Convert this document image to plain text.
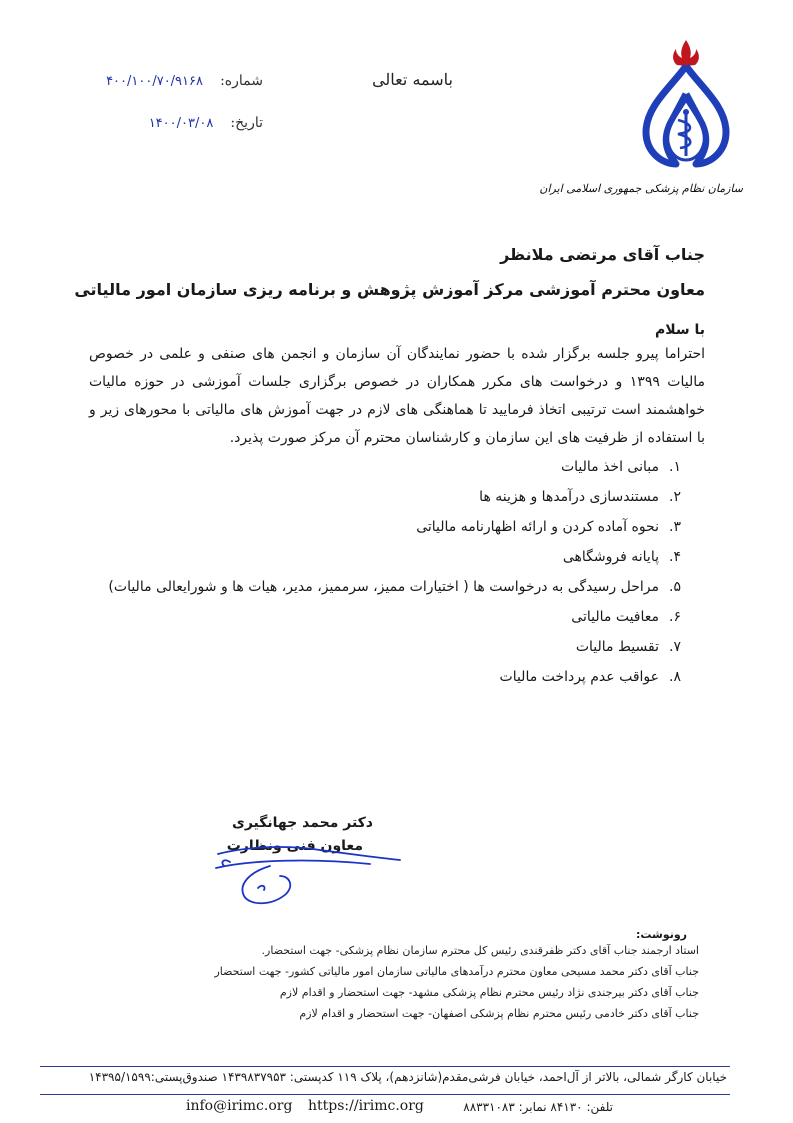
باسمه تعالی
شماره: ۴۰۰/۱۰۰/۷۰/۹۱۶۸
تاریخ: ۱۴۰۰/۰۳/۰۸
سازمان نظام پزشکی جمهوری اسلامی ایران
جناب آقای مرتضی ملانظر
معاون محترم آموزشی مرکز آموزش پژوهش و برنامه ریزی سازمان امور مالیاتی
با سلام
احتراما پیرو جلسه برگزار شده با حضور نمایندگان آن سازمان و انجمن های صنفی و علمی در خصوص مالیات ۱۳۹۹ و درخواست های مکرر همکاران در خصوص برگزاری جلسات آموزشی در حوزه مالیات خواهشمند است ترتیبی اتخاذ فرمایید تا هماهنگی های لازم در جهت آموزش های مالیاتی با محورهای زیر و با استفاده از ظرفیت های این سازمان و کارشناسان محترم آن مرکز صورت پذیرد.
۱.مبانی اخذ مالیات
۲.مستندسازی درآمدها و هزینه ها
۳.نحوه آماده کردن و ارائه اظهارنامه مالیاتی
۴.پایانه فروشگاهی
۵.مراحل رسیدگی به درخواست ها ( اختیارات ممیز، سرممیز، مدیر، هیات ها و شورایعالی مالیات)
۶.معافیت مالیاتی
۷.تقسیط مالیات
۸.عواقب عدم پرداخت مالیات
دکتر محمد جهانگیری
معاون فنی ونظارت
رونوشت:
استاد ارجمند جناب آقای دکتر ظفرقندی رئیس کل محترم سازمان نظام پزشکی- جهت استحضار.
جناب آقای دکتر محمد مسیحی معاون محترم درآمدهای مالیاتی سازمان امور مالیاتی کشور- جهت استحضار
جناب آقای دکتر بیرجندی نژاد رئیس محترم نظام پزشکی مشهد- جهت استحضار و اقدام لازم
جناب آقای دکتر خادمی رئیس محترم نظام پزشکی اصفهان- جهت استحضار و اقدام لازم
خیابان کارگر شمالی، بالاتر از آل‌احمد، خیابان فرشی‌مقدم(شانزدهم)، پلاک ۱۱۹ کدپستی: ۱۴۳۹۸۳۷۹۵۳ صندوق‌پستی:۱۴۳۹۵/۱۵۹۹
تلفن: ۸۴۱۳۰ نمابر: ۸۸۳۳۱۰۸۳
https://irimc.org
info@irimc.org
